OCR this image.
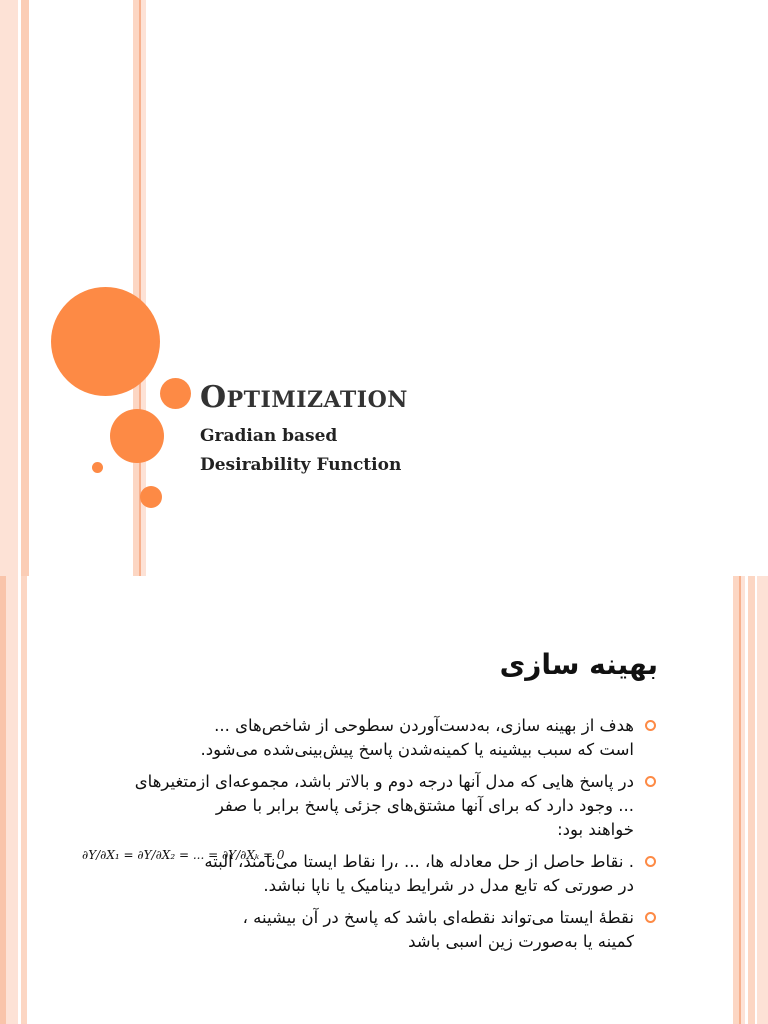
OPTIMIZATION
Gradian based
Desirability Function
بهینه سازی
هدف از بهینه سازی، به‌دست‌آوردن سطوحی از شاخص‌های ...
است که سبب بیشینه یا کمینه‌شدن پاسخ پیش‌بینی‌شده می‌شود.
در پاسخ هایی که مدل آنها درجه دوم و بالاتر باشد، مجموعه‌ای ازمتغیرهای
... وجود دارد که برای آنها مشتق‌های جزئی پاسخ برابر با صفر
خواهند بود:
. نقاط حاصل از حل معادله ها، ... ،را نقاط ایستا می‌نامند، البته
در صورتی که تابع مدل در شرایط دینامیک یا ناپا نباشد.
نقطهٔ ایستا می‌تواند نقطه‌ای باشد که پاسخ در آن بیشینه ،
کمینه یا به‌صورت زین اسبی باشد
∂Y/∂X₁ = ∂Y/∂X₂ = ... = ∂Y/∂Xₖ = 0
